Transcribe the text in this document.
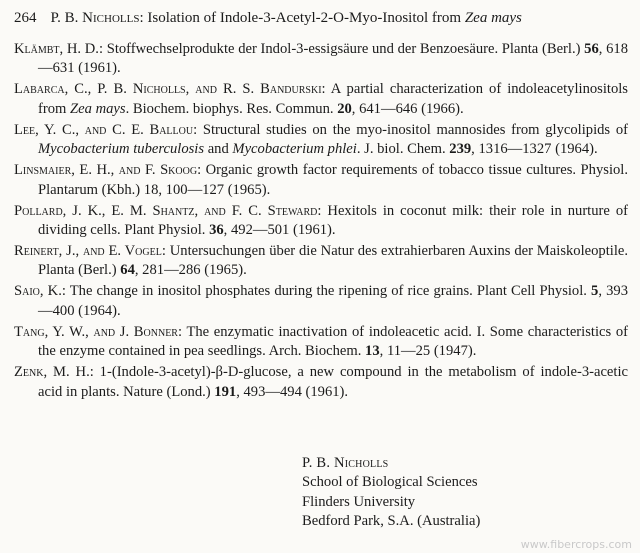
264 P. B. Nicholls: Isolation of Indole-3-Acetyl-2-O-Myo-Inositol from Zea mays

Klämbt, H. D.: Stoffwechselprodukte der Indol-3-essigsäure und der Benzoesäure. Planta (Berl.) 56, 618—631 (1961).

Labarca, C., P. B. Nicholls, and R. S. Bandurski: A partial characterization of indoleacetylinositols from Zea mays. Biochem. biophys. Res. Commun. 20, 641—646 (1966).

Lee, Y. C., and C. E. Ballou: Structural studies on the myo-inositol mannosides from glycolipids of Mycobacterium tuberculosis and Mycobacterium phlei. J. biol. Chem. 239, 1316—1327 (1964).

Linsmaier, E. H., and F. Skoog: Organic growth factor requirements of tobacco tissue cultures. Physiol. Plantarum (Kbh.) 18, 100—127 (1965).

Pollard, J. K., E. M. Shantz, and F. C. Steward: Hexitols in coconut milk: their role in nurture of dividing cells. Plant Physiol. 36, 492—501 (1961).

Reinert, J., and E. Vogel: Untersuchungen über die Natur des extrahierbaren Auxins der Maiskoleoptile. Planta (Berl.) 64, 281—286 (1965).

Saio, K.: The change in inositol phosphates during the ripening of rice grains. Plant Cell Physiol. 5, 393—400 (1964).

Tang, Y. W., and J. Bonner: The enzymatic inactivation of indoleacetic acid. I. Some characteristics of the enzyme contained in pea seedlings. Arch. Biochem. 13, 11—25 (1947).

Zenk, M. H.: 1-(Indole-3-acetyl)-β-D-glucose, a new compound in the metabolism of indole-3-acetic acid in plants. Nature (Lond.) 191, 493—494 (1961).

P. B. Nicholls
School of Biological Sciences
Flinders University
Bedford Park, S.A. (Australia)
www.fibercrops.com
